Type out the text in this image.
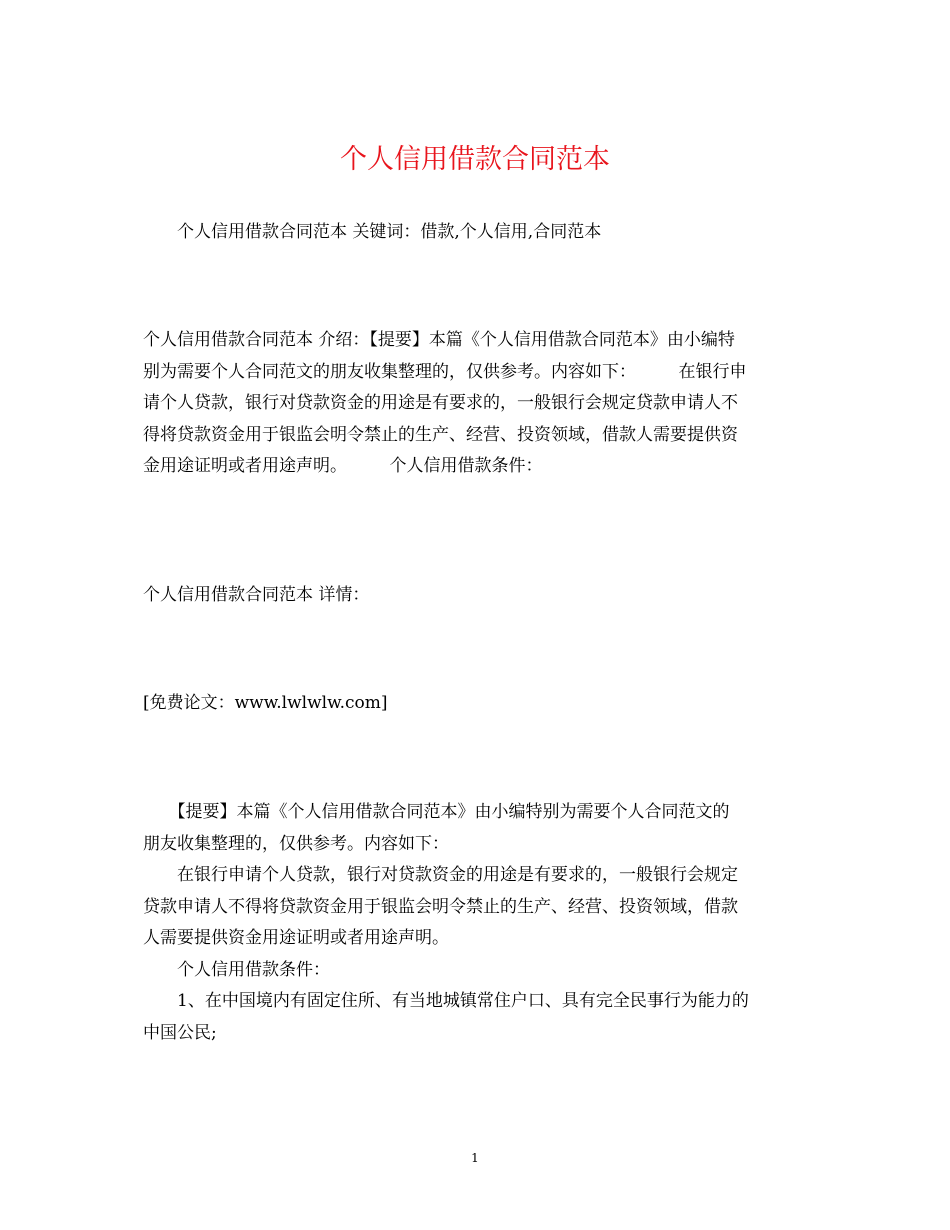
个人信用借款合同范本
　　个人信用借款合同范本 关键词：借款,个人信用,合同范本
个人信用借款合同范本 介绍：【提要】本篇《个人信用借款合同范本》由小编特
别为需要个人合同范文的朋友收集整理的，仅供参考。内容如下：　　　在银行申
请个人贷款，银行对贷款资金的用途是有要求的，一般银行会规定贷款申请人不
得将贷款资金用于银监会明令禁止的生产、经营、投资领域，借款人需要提供资
金用途证明或者用途声明。　　　个人信用借款条件：
个人信用借款合同范本 详情：
[免费论文：www.lwlwlw.com]
　　【提要】本篇《个人信用借款合同范本》由小编特别为需要个人合同范文的
朋友收集整理的，仅供参考。内容如下：
　　在银行申请个人贷款，银行对贷款资金的用途是有要求的，一般银行会规定
贷款申请人不得将贷款资金用于银监会明令禁止的生产、经营、投资领域，借款
人需要提供资金用途证明或者用途声明。
　　个人信用借款条件：
　　1、在中国境内有固定住所、有当地城镇常住户口、具有完全民事行为能力的
中国公民;
1
